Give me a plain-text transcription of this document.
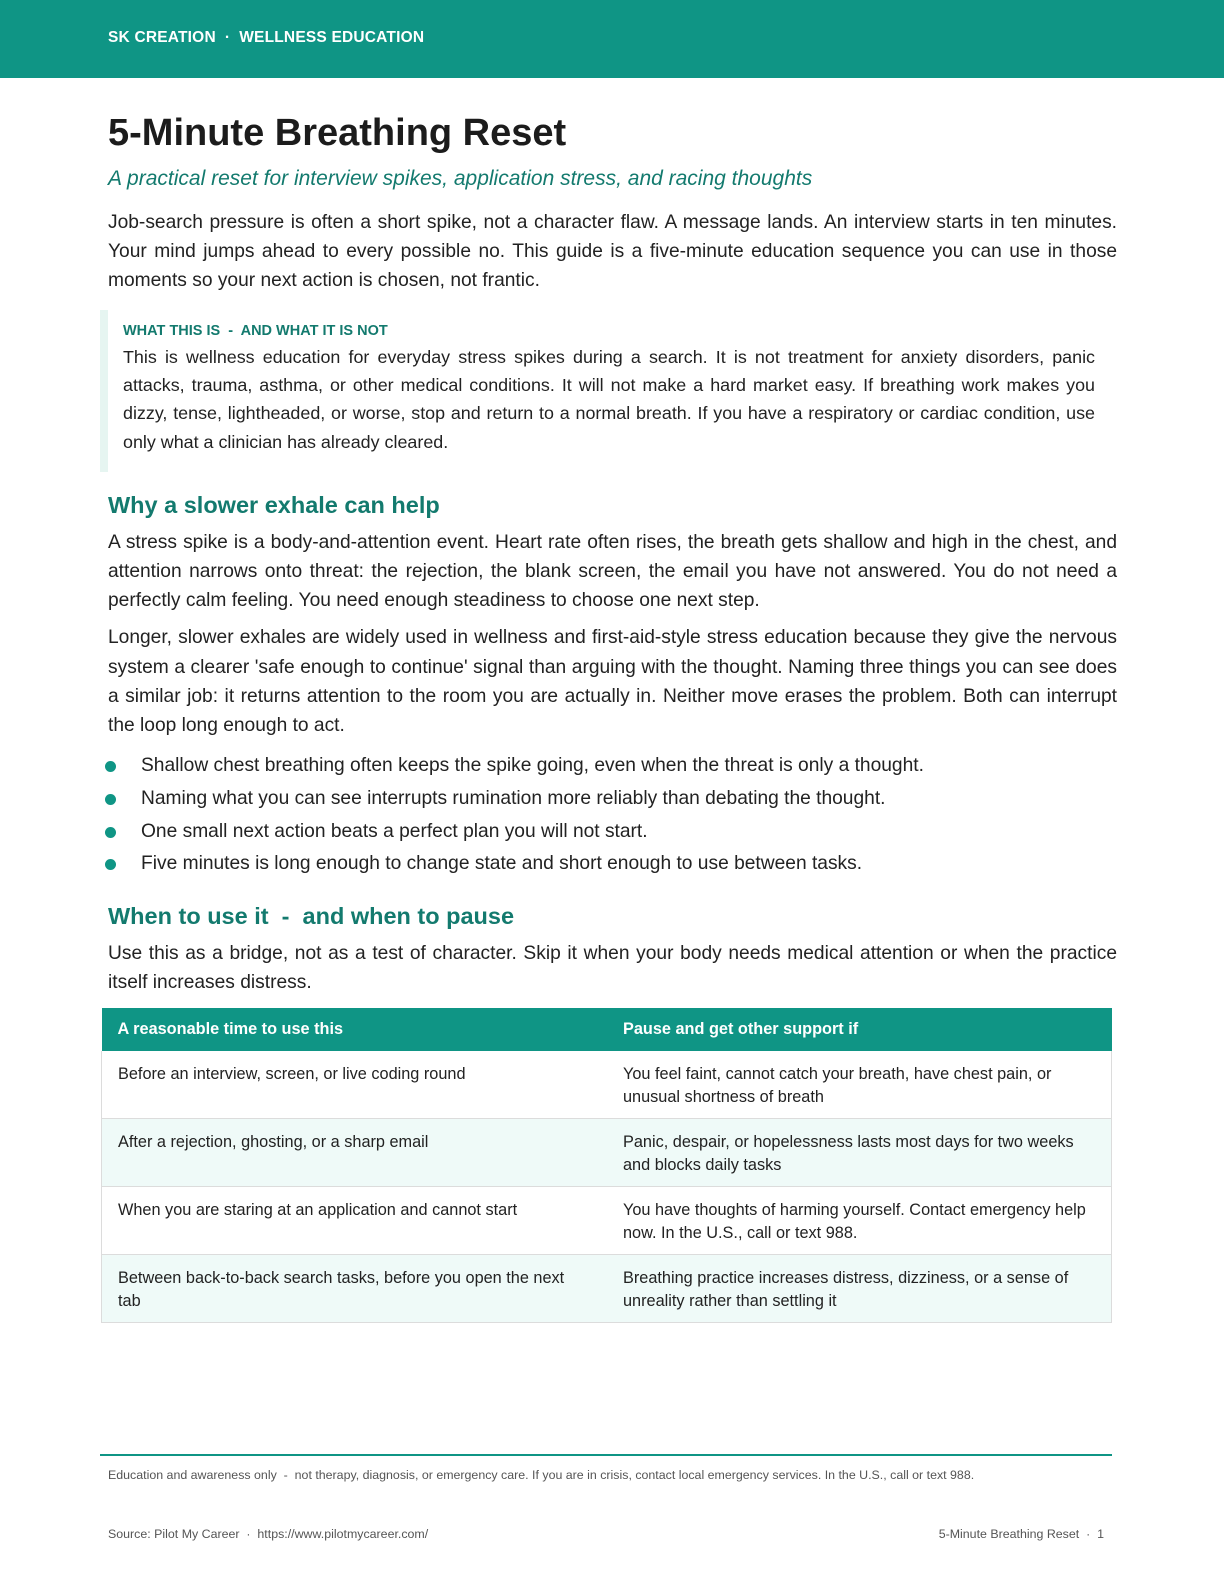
SK CREATION  ·  WELLNESS EDUCATION
5-Minute Breathing Reset
A practical reset for interview spikes, application stress, and racing thoughts

Job-search pressure is often a short spike, not a character flaw. A message lands. An interview starts in ten minutes. Your mind jumps ahead to every possible no. This guide is a five-minute education sequence you can use in those moments so your next action is chosen, not frantic.

WHAT THIS IS  -  AND WHAT IT IS NOT

This is wellness education for everyday stress spikes during a search. It is not treatment for anxiety disorders, panic attacks, trauma, asthma, or other medical conditions. It will not make a hard market easy. If breathing work makes you dizzy, tense, lightheaded, or worse, stop and return to a normal breath. If you have a respiratory or cardiac condition, use only what a clinician has already cleared.

Why a slower exhale can help

A stress spike is a body-and-attention event. Heart rate often rises, the breath gets shallow and high in the chest, and attention narrows onto threat: the rejection, the blank screen, the email you have not answered. You do not need a perfectly calm feeling. You need enough steadiness to choose one next step.

Longer, slower exhales are widely used in wellness and first-aid-style stress education because they give the nervous system a clearer 'safe enough to continue' signal than arguing with the thought. Naming three things you can see does a similar job: it returns attention to the room you are actually in. Neither move erases the problem. Both can interrupt the loop long enough to act.

Shallow chest breathing often keeps the spike going, even when the threat is only a thought.
Naming what you can see interrupts rumination more reliably than debating the thought.
One small next action beats a perfect plan you will not start.
Five minutes is long enough to change state and short enough to use between tasks.
When to use it  -  and when to pause

Use this as a bridge, not as a test of character. Skip it when your body needs medical attention or when the practice itself increases distress.

A reasonable time to use this	Pause and get other support if
Before an interview, screen, or live coding round	You feel faint, cannot catch your breath, have chest pain, or unusual shortness of breath
After a rejection, ghosting, or a sharp email	Panic, despair, or hopelessness lasts most days for two weeks and blocks daily tasks
When you are staring at an application and cannot start	You have thoughts of harming yourself. Contact emergency help now. In the U.S., call or text 988.
Between back-to-back search tasks, before you open the next tab	Breathing practice increases distress, dizziness, or a sense of unreality rather than settling it
Education and awareness only  -  not therapy, diagnosis, or emergency care. If you are in crisis, contact local emergency services. In the U.S., call or text 988.
Source: Pilot My Career  ·  https://www.pilotmycareer.com/	5-Minute Breathing Reset  ·  1
